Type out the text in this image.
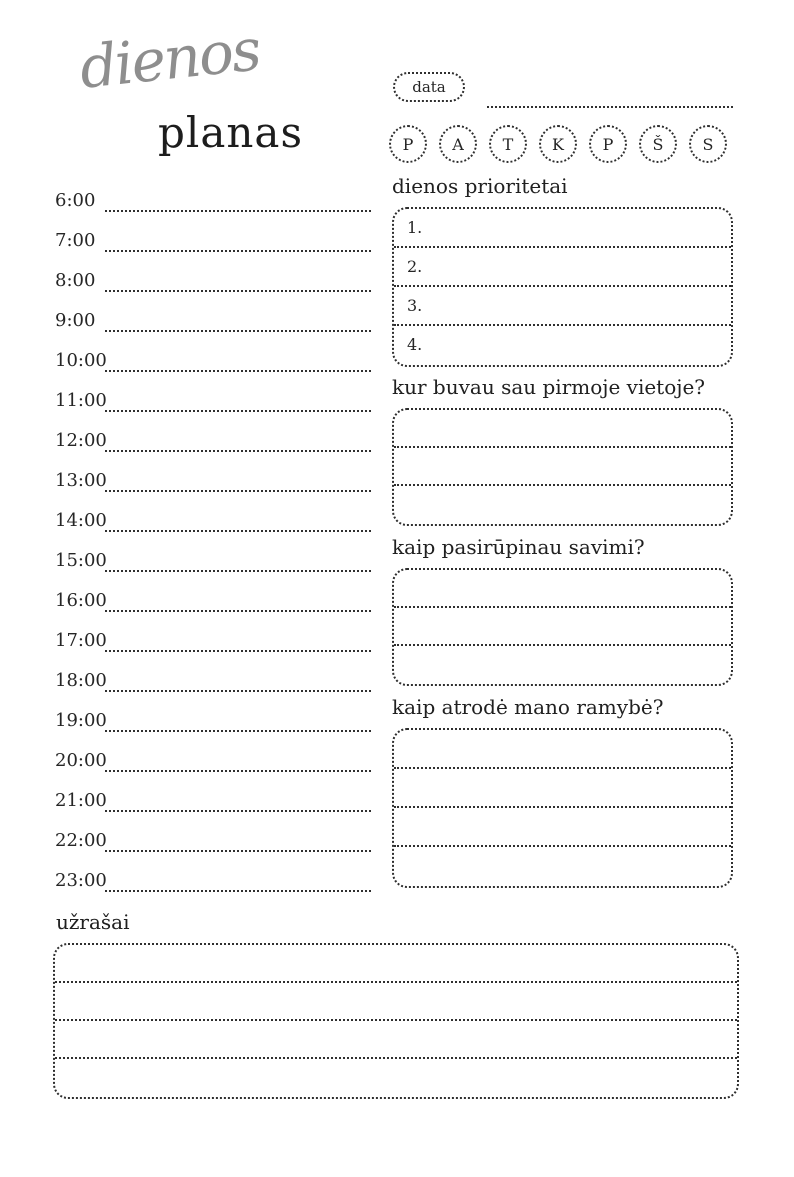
dienos
planas
data
P	A	T	K	P	Š	S
6:00
7:00
8:00
9:00
10:00
11:00
12:00
13:00
14:00
15:00
16:00
17:00
18:00
19:00
20:00
21:00
22:00
23:00
dienos prioritetai
1.
2.
3.
4.
kur buvau sau pirmoje vietoje?
kaip pasirūpinau savimi?
kaip atrodė mano ramybė?
užrašai
